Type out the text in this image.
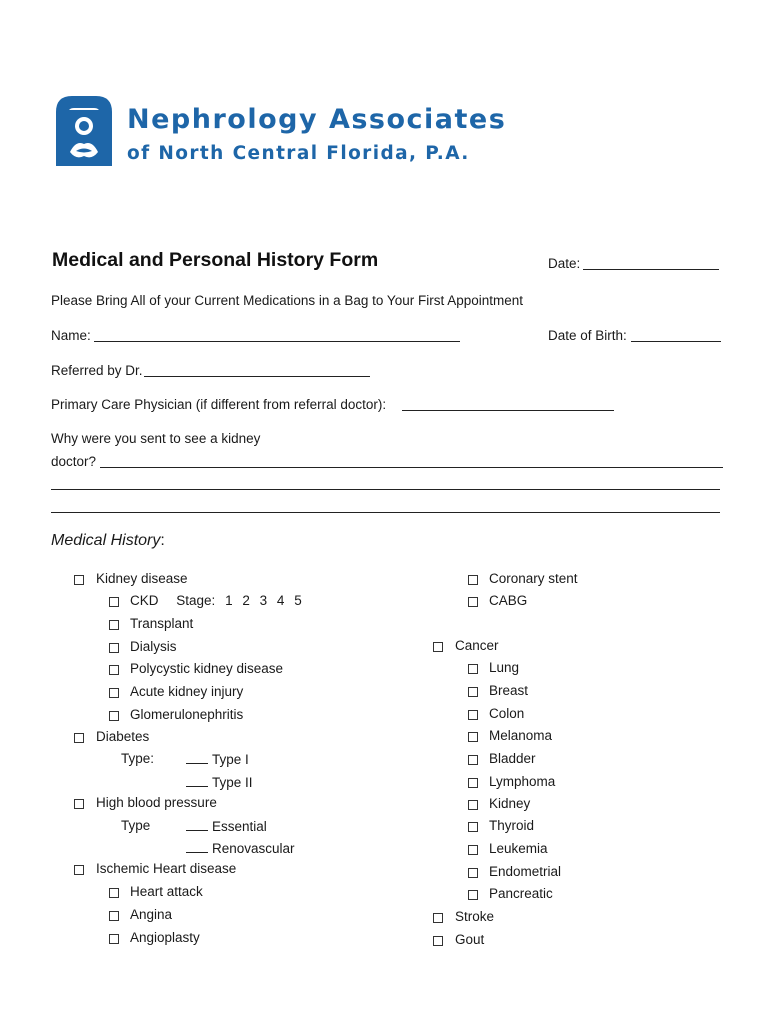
Nephrology Associates
of North Central Florida, P.A.
Medical and Personal History Form	Date:
Please Bring All of your Current Medications in a Bag to Your First Appointment
Name:	Date of Birth:
Referred by Dr.
Primary Care Physician (if different from referral doctor):
Why were you sent to see a kidney
doctor?
Medical History:
Kidney disease
CKD Stage: 1 2 3 4 5
Transplant
Dialysis
Polycystic kidney disease
Acute kidney injury
Glomerulonephritis
Diabetes
Type:	Type I
Type II
High blood pressure
Type	Essential
Renovascular
Ischemic Heart disease
Heart attack
Angina
Angioplasty
Coronary stent
CABG
Cancer
Lung
Breast
Colon
Melanoma
Bladder
Lymphoma
Kidney
Thyroid
Leukemia
Endometrial
Pancreatic
Stroke
Gout
